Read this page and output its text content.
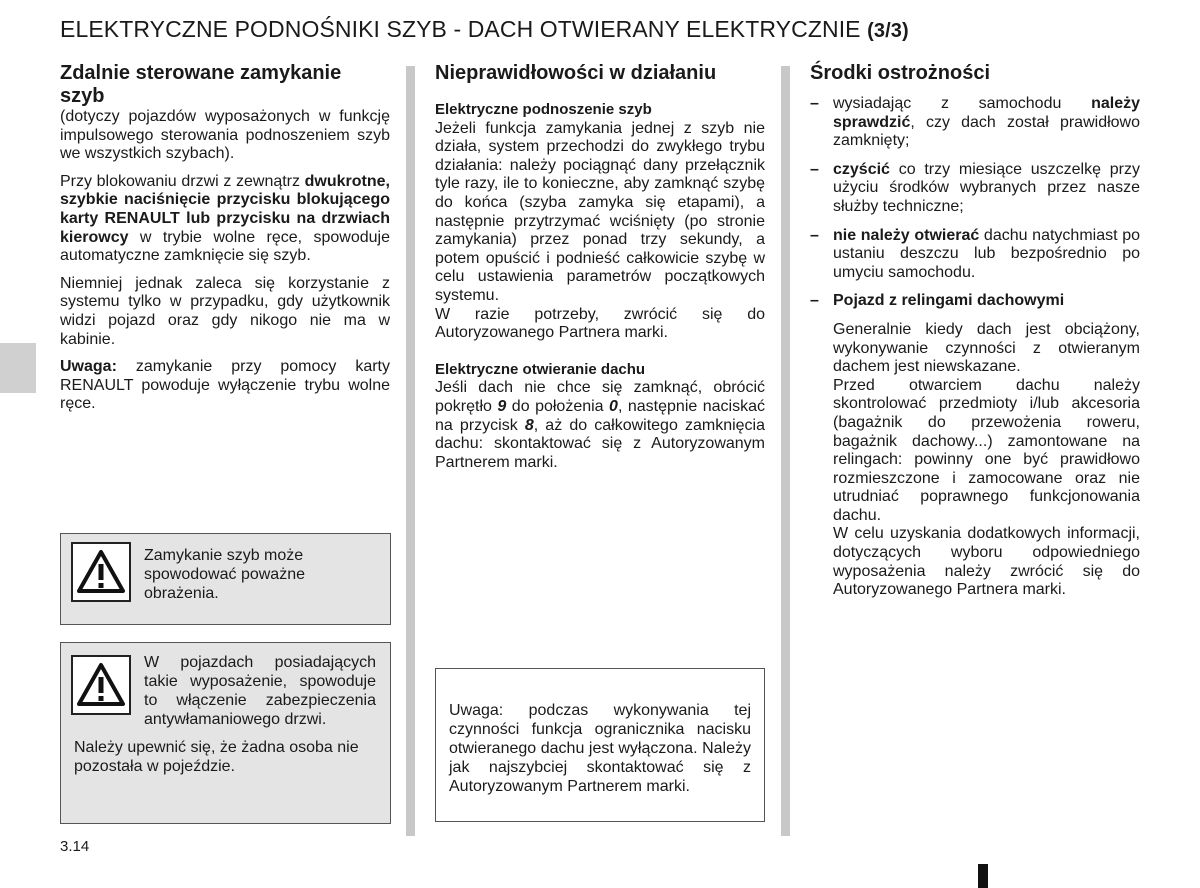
ELEKTRYCZNE PODNOŚNIKI SZYB - DACH OTWIERANY ELEKTRYCZNIE (3/3)
Zdalnie sterowane zamykanie szyb

(dotyczy pojazdów wyposażonych w funkcję impulsowego sterowania podnoszeniem szyb we wszystkich szybach).

Przy blokowaniu drzwi z zewnątrz dwukrotne, szybkie naciśnięcie przycisku blokującego karty RENAULT lub przycisku na drzwiach kierowcy w trybie wolne ręce, spowoduje automatyczne zamknięcie się szyb.

Niemniej jednak zaleca się korzystanie z systemu tylko w przypadku, gdy użytkownik widzi pojazd oraz gdy nikogo nie ma w kabinie.

Uwaga: zamykanie przy pomocy karty RENAULT powoduje wyłączenie trybu wolne ręce.

Zamykanie szyb może spowodować poważne obrażenia.
W pojazdach posiadających takie wyposażenie, spowoduje to włączenie zabezpieczenia antywłamaniowego drzwi.
Należy upewnić się, że żadna osoba nie pozostała w pojeździe.
Nieprawidłowości w działaniu

Elektryczne podnoszenie szyb

Jeżeli funkcja zamykania jednej z szyb nie działa, system przechodzi do zwykłego trybu działania: należy pociągnąć dany przełącznik tyle razy, ile to konieczne, aby zamknąć szybę do końca (szyba zamyka się etapami), a następnie przytrzymać wciśnięty (po stronie zamykania) przez ponad trzy sekundy, a potem opuścić i podnieść całkowicie szybę w celu ustawienia parametrów początkowych systemu.

W razie potrzeby, zwrócić się do Autoryzowanego Partnera marki.

Elektryczne otwieranie dachu

Jeśli dach nie chce się zamknąć, obrócić pokrętło 9 do położenia 0, następnie naciskać na przycisk 8, aż do całkowitego zamknięcia dachu: skontaktować się z Autoryzowanym Partnerem marki.

Uwaga: podczas wykonywania tej czynności funkcja ogranicznika nacisku otwieranego dachu jest wyłączona. Należy jak najszybciej skontaktować się z Autoryzowanym Partnerem marki.

Środki ostrożności
– wysiadając z samochodu należy sprawdzić, czy dach został prawidłowo zamknięty;
– czyścić co trzy miesiące uszczelkę przy użyciu środków wybranych przez nasze służby techniczne;
– nie należy otwierać dachu natychmiast po ustaniu deszczu lub bezpośrednio po umyciu samochodu.
– Pojazd z relingami dachowymi

Generalnie kiedy dach jest obciążony, wykonywanie czynności z otwieranym dachem jest niewskazane.

Przed otwarciem dachu należy skontrolować przedmioty i/lub akcesoria (bagażnik do przewożenia roweru, bagażnik dachowy...) zamontowane na relingach: powinny one być prawidłowo rozmieszczone i zamocowane oraz nie utrudniać poprawnego funkcjonowania dachu.

W celu uzyskania dodatkowych informacji, dotyczących wyboru odpowiedniego wyposażenia należy zwrócić się do Autoryzowanego Partnera marki.

3.14
